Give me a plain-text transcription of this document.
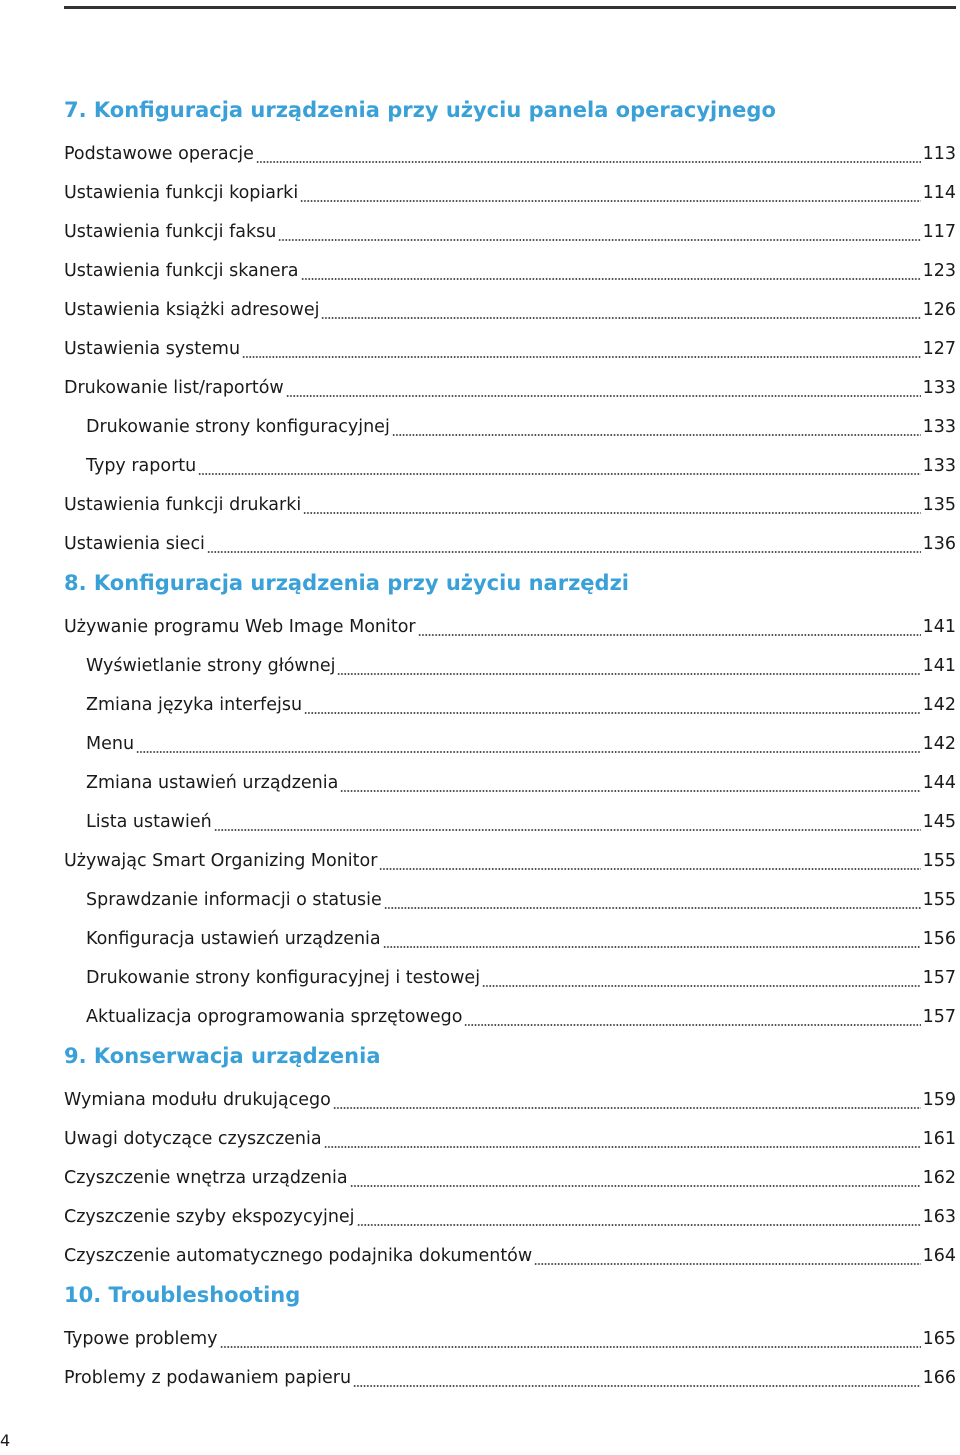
7. Konfiguracja urządzenia przy użyciu panela operacyjnego
Podstawowe operacje	113
Ustawienia funkcji kopiarki	114
Ustawienia funkcji faksu	117
Ustawienia funkcji skanera	123
Ustawienia książki adresowej	126
Ustawienia systemu	127
Drukowanie list/raportów	133
Drukowanie strony konfiguracyjnej	133
Typy raportu	133
Ustawienia funkcji drukarki	135
Ustawienia sieci	136
8. Konfiguracja urządzenia przy użyciu narzędzi
Używanie programu Web Image Monitor	141
Wyświetlanie strony głównej	141
Zmiana języka interfejsu	142
Menu	142
Zmiana ustawień urządzenia	144
Lista ustawień	145
Używając Smart Organizing Monitor	155
Sprawdzanie informacji o statusie	155
Konfiguracja ustawień urządzenia	156
Drukowanie strony konfiguracyjnej i testowej	157
Aktualizacja oprogramowania sprzętowego	157
9. Konserwacja urządzenia
Wymiana modułu drukującego	159
Uwagi dotyczące czyszczenia	161
Czyszczenie wnętrza urządzenia	162
Czyszczenie szyby ekspozycyjnej	163
Czyszczenie automatycznego podajnika dokumentów	164
10. Troubleshooting
Typowe problemy	165
Problemy z podawaniem papieru	166
4
